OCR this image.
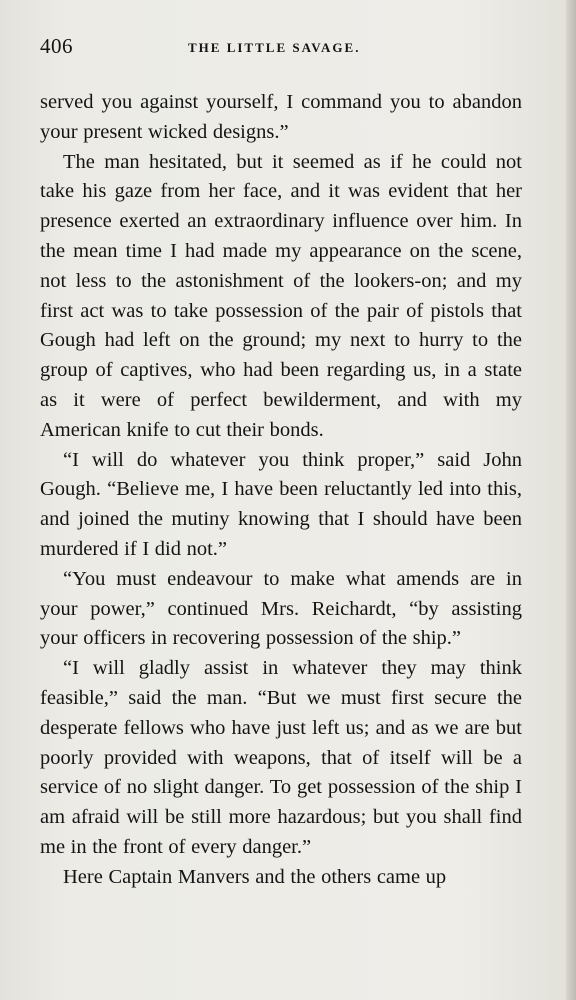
406	THE LITTLE SAVAGE.

served you against yourself, I command you to abandon your present wicked designs.”

The man hesitated, but it seemed as if he could not take his gaze from her face, and it was evident that her presence exerted an extraordinary influence over him. In the mean time I had made my appearance on the scene, not less to the astonishment of the lookers-on; and my first act was to take possession of the pair of pistols that Gough had left on the ground; my next to hurry to the group of captives, who had been regarding us, in a state as it were of perfect bewilderment, and with my American knife to cut their bonds.

“I will do whatever you think proper,” said John Gough. “Believe me, I have been reluctantly led into this, and joined the mutiny knowing that I should have been murdered if I did not.”

“You must endeavour to make what amends are in your power,” continued Mrs. Reichardt, “by assisting your officers in recovering possession of the ship.”

“I will gladly assist in whatever they may think feasible,” said the man. “But we must first secure the desperate fellows who have just left us; and as we are but poorly provided with weapons, that of itself will be a service of no slight danger. To get possession of the ship I am afraid will be still more hazardous; but you shall find me in the front of every danger.”

Here Captain Manvers and the others came up
